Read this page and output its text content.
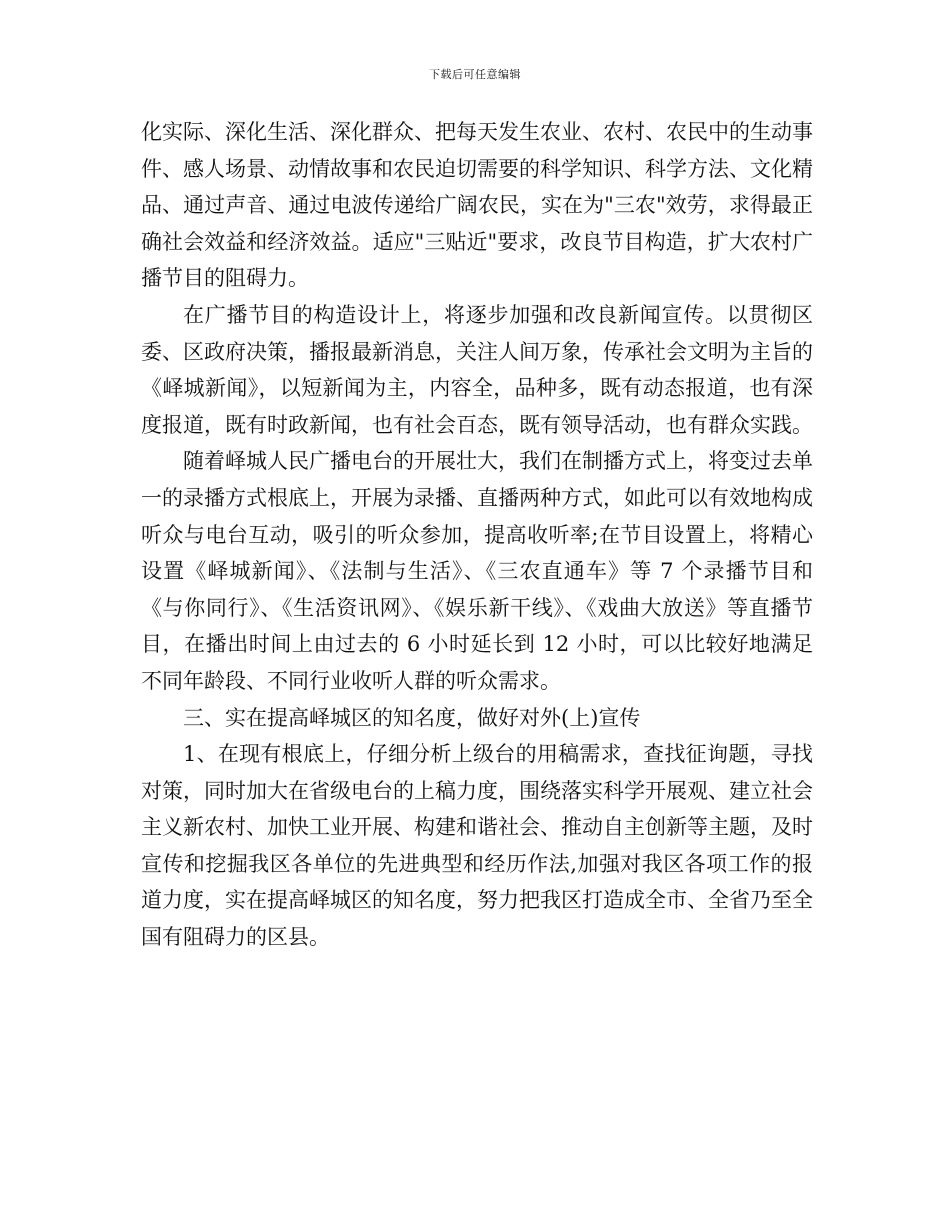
下载后可任意编辑

化实际、深化生活、深化群众、把每天发生农业、农村、农民中的生动事件、感人场景、动情故事和农民迫切需要的科学知识、科学方法、文化精品、通过声音、通过电波传递给广阔农民，实在为"三农"效劳，求得最正确社会效益和经济效益。适应"三贴近"要求，改良节目构造，扩大农村广播节目的阻碍力。

在广播节目的构造设计上，将逐步加强和改良新闻宣传。以贯彻区委、区政府决策，播报最新消息，关注人间万象，传承社会文明为主旨的《峄城新闻》，以短新闻为主，内容全，品种多，既有动态报道，也有深度报道，既有时政新闻，也有社会百态，既有领导活动，也有群众实践。

随着峄城人民广播电台的开展壮大，我们在制播方式上，将变过去单一的录播方式根底上，开展为录播、直播两种方式，如此可以有效地构成听众与电台互动，吸引的听众参加，提高收听率;在节目设置上，将精心设置《峄城新闻》、《法制与生活》、《三农直通车》等 7 个录播节目和《与你同行》、《生活资讯网》、《娱乐新干线》、《戏曲大放送》等直播节目，在播出时间上由过去的 6 小时延长到 12 小时，可以比较好地满足不同年龄段、不同行业收听人群的听众需求。

三、实在提高峄城区的知名度，做好对外(上)宣传

1、在现有根底上，仔细分析上级台的用稿需求，查找征询题，寻找对策，同时加大在省级电台的上稿力度，围绕落实科学开展观、建立社会主义新农村、加快工业开展、构建和谐社会、推动自主创新等主题，及时宣传和挖掘我区各单位的先进典型和经历作法,加强对我区各项工作的报道力度，实在提高峄城区的知名度，努力把我区打造成全市、全省乃至全国有阻碍力的区县。
